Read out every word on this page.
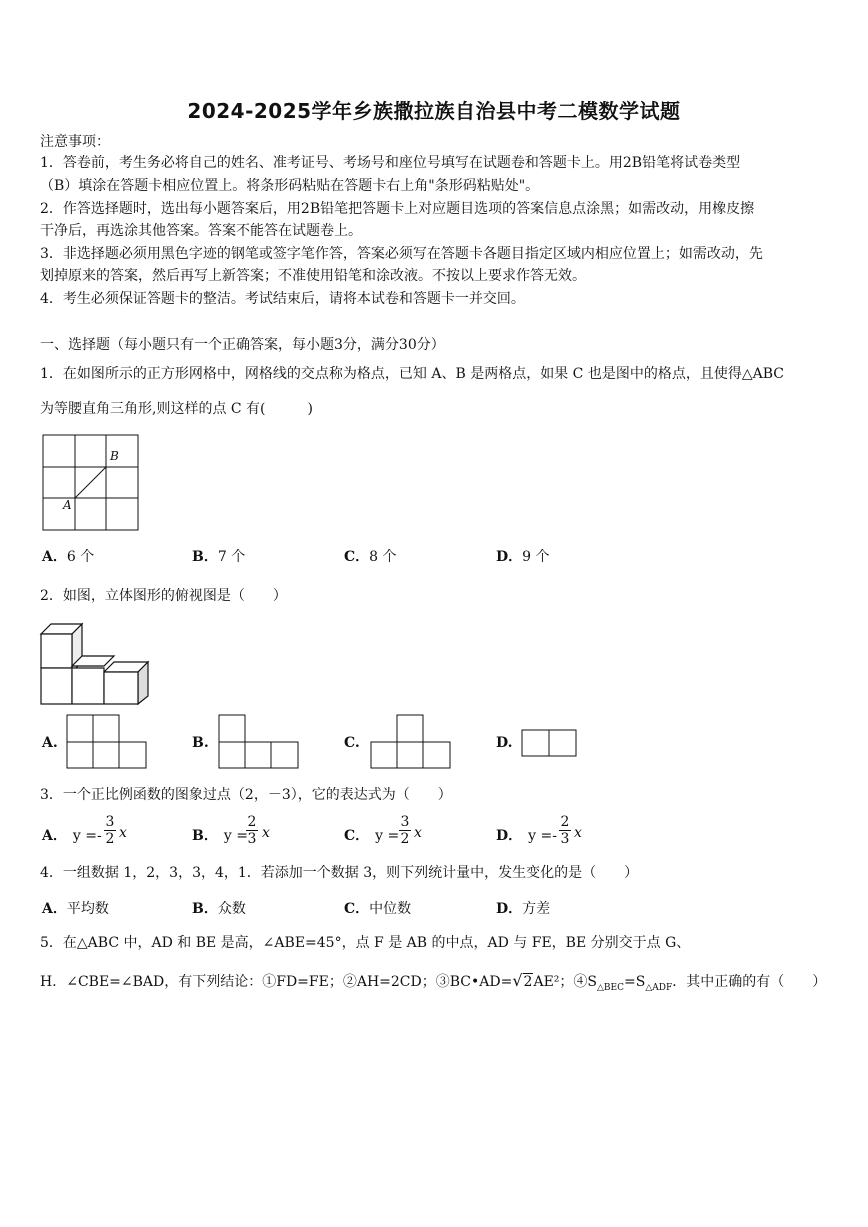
2024-2025学年乡族撒拉族自治县中考二模数学试题
注意事项：
1．答卷前，考生务必将自己的姓名、准考证号、考场号和座位号填写在试题卷和答题卡上。用2B铅笔将试卷类型
（B）填涂在答题卡相应位置上。将条形码粘贴在答题卡右上角"条形码粘贴处"。
2．作答选择题时，选出每小题答案后，用2B铅笔把答题卡上对应题目选项的答案信息点涂黑；如需改动，用橡皮擦
干净后，再选涂其他答案。答案不能答在试题卷上。
3．非选择题必须用黑色字迹的钢笔或签字笔作答，答案必须写在答题卡各题目指定区域内相应位置上；如需改动，先
划掉原来的答案，然后再写上新答案；不准使用铅笔和涂改液。不按以上要求作答无效。
4．考生必须保证答题卡的整洁。考试结束后，请将本试卷和答题卡一并交回。
一、选择题（每小题只有一个正确答案，每小题3分，满分30分）
1．在如图所示的正方形网格中，网格线的交点称为格点，已知 A、B 是两格点，如果 C 也是图中的格点，且使得△ABC
为等腰直角三角形,则这样的点 C 有(　　　)
A
B
A．6 个	B．7 个	C．8 个	D．9 个
2．如图，立体图形的俯视图是（　　）
A.	B.	C.	D.
3．一个正比例函数的图象过点（2，－3），它的表达式为（　　）
A． y =-
3
2 x	B． y =
2
3 x	C． y =
3
2 x	D． y =-
2
3 x
4．一组数据 1，2，3，3，4，1．若添加一个数据 3，则下列统计量中，发生变化的是（　　）
A．平均数	B．众数	C．中位数	D．方差
5．在△ABC 中，AD 和 BE 是高，∠ABE=45°，点 F 是 AB 的中点，AD 与 FE，BE 分别交于点 G、
H．∠CBE=∠BAD，有下列结论：①FD=FE；②AH=2CD；③BC•AD=√2AE²；$④S_{\triangle BEC}=S_{\triangle ADF}$．其中正确的有（　　）
